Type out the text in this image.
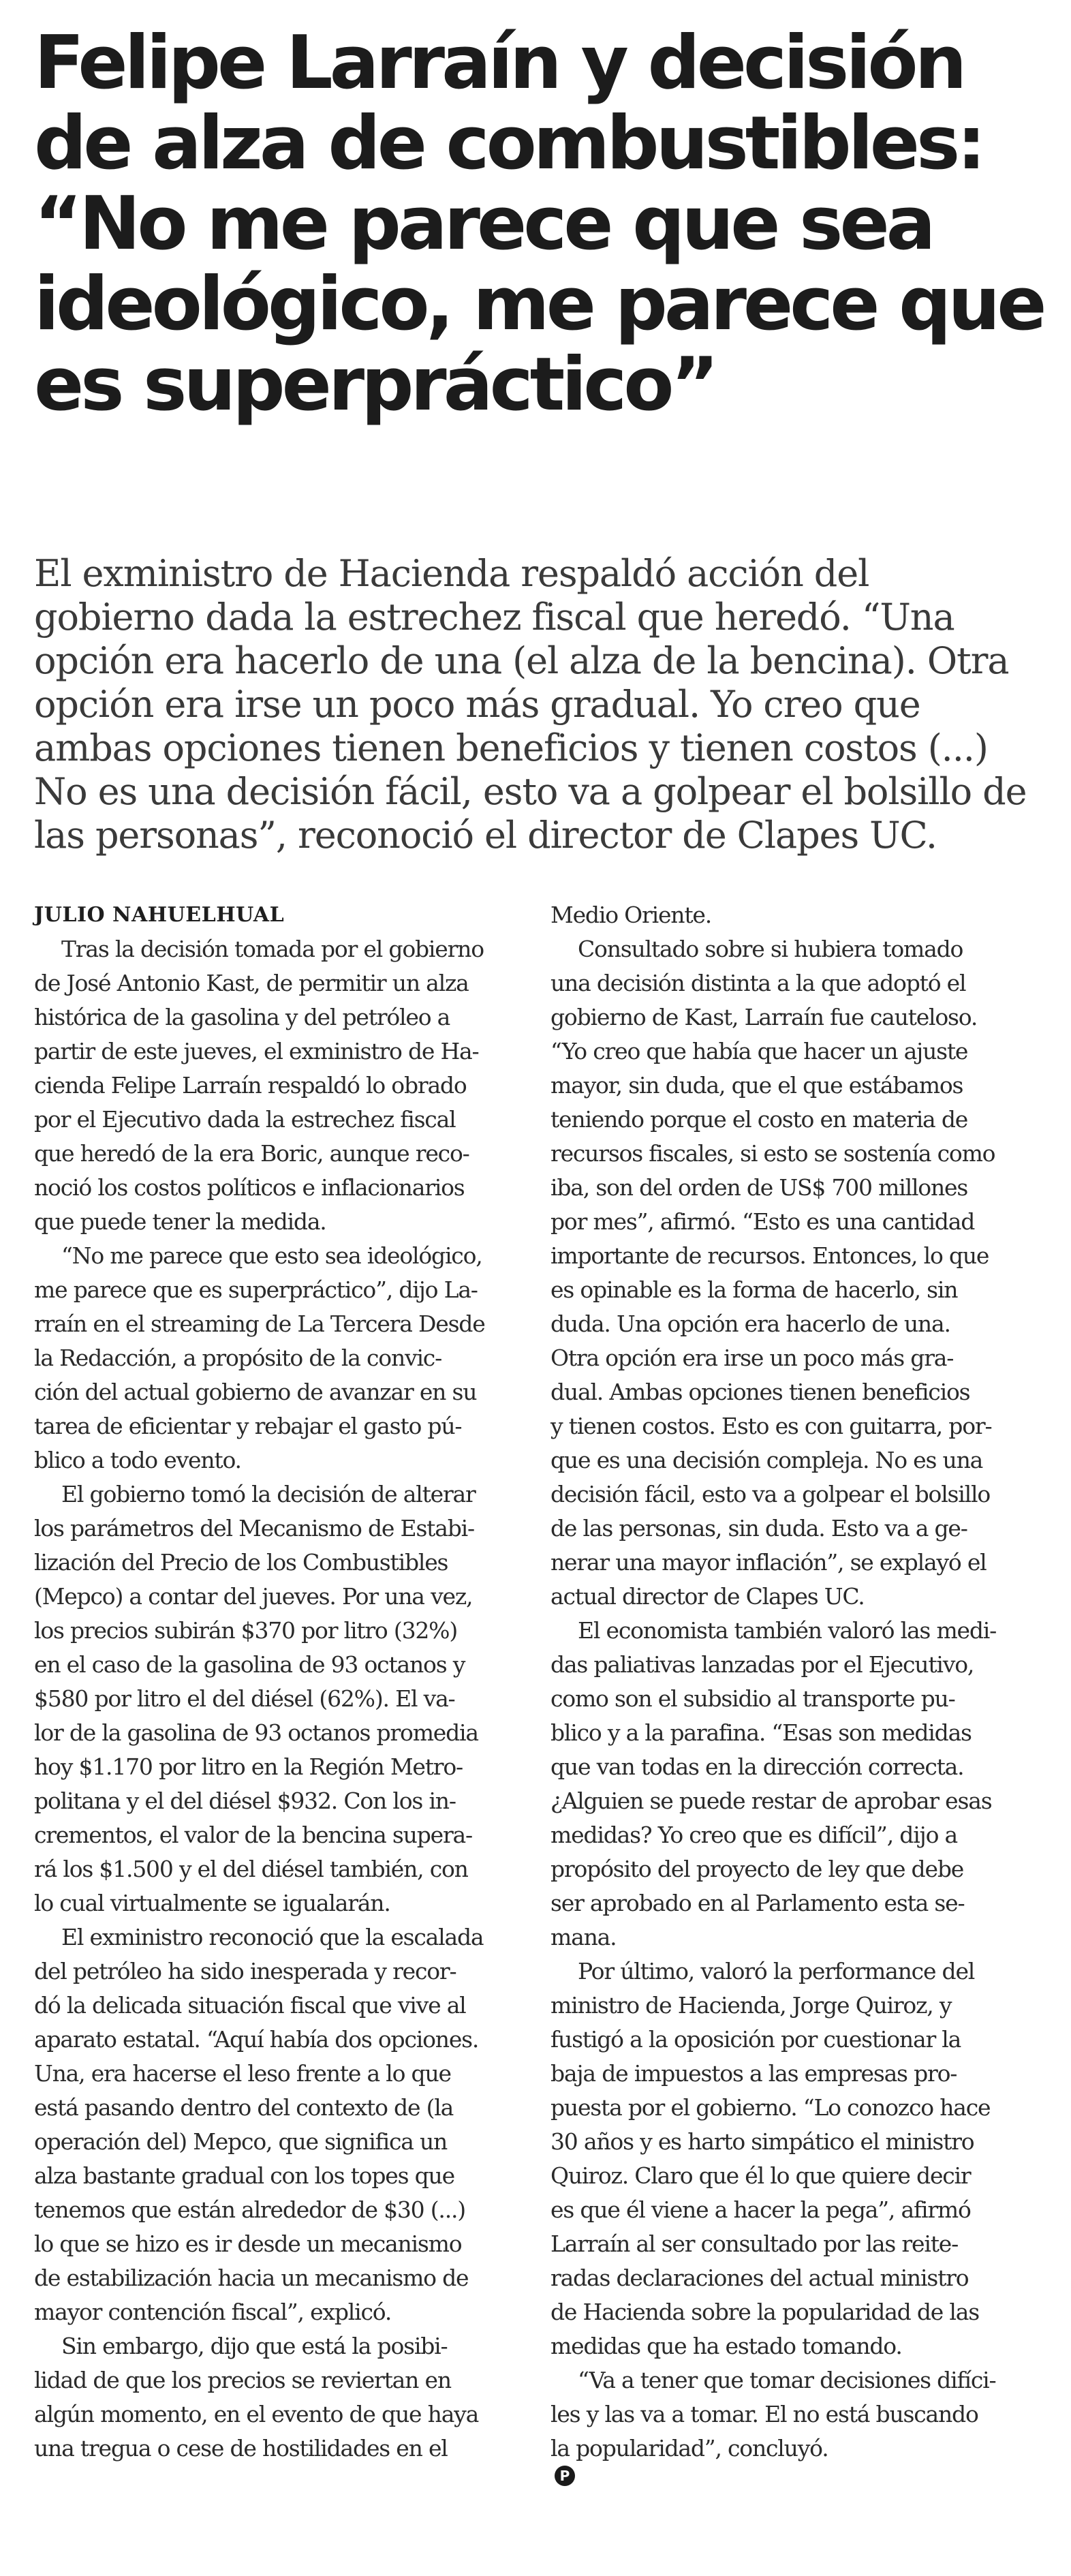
Felipe Larraín y decisión
de alza de combustibles:
“No me parece que sea
ideológico, me parece que
es superpráctico”

El exministro de Hacienda respaldó acción del
gobierno dada la estrechez fiscal que heredó. “Una
opción era hacerlo de una (el alza de la bencina). Otra
opción era irse un poco más gradual. Yo creo que
ambas opciones tienen beneficios y tienen costos (...)
No es una decisión fácil, esto va a golpear el bolsillo de
las personas”, reconoció el director de Clapes UC.

JULIO NAHUELHUAL
Tras la decisión tomada por el gobierno
de José Antonio Kast, de permitir un alza
histórica de la gasolina y del petróleo a
partir de este jueves, el exministro de Ha-
cienda Felipe Larraín respaldó lo obrado
por el Ejecutivo dada la estrechez fiscal
que heredó de la era Boric, aunque reco-
noció los costos políticos e inflacionarios
que puede tener la medida.
“No me parece que esto sea ideológico,
me parece que es superpráctico”, dijo La-
rraín en el streaming de La Tercera Desde
la Redacción, a propósito de la convic-
ción del actual gobierno de avanzar en su
tarea de eficientar y rebajar el gasto pú-
blico a todo evento.
El gobierno tomó la decisión de alterar
los parámetros del Mecanismo de Estabi-
lización del Precio de los Combustibles
(Mepco) a contar del jueves. Por una vez,
los precios subirán $370 por litro (32%)
en el caso de la gasolina de 93 octanos y
$580 por litro el del diésel (62%). El va-
lor de la gasolina de 93 octanos promedia
hoy $1.170 por litro en la Región Metro-
politana y el del diésel $932. Con los in-
crementos, el valor de la bencina supera-
rá los $1.500 y el del diésel también, con
lo cual virtualmente se igualarán.
El exministro reconoció que la escalada
del petróleo ha sido inesperada y recor-
dó la delicada situación fiscal que vive al
aparato estatal. “Aquí había dos opciones.
Una, era hacerse el leso frente a lo que
está pasando dentro del contexto de (la
operación del) Mepco, que significa un
alza bastante gradual con los topes que
tenemos que están alrededor de $30 (...)
lo que se hizo es ir desde un mecanismo
de estabilización hacia un mecanismo de
mayor contención fiscal”, explicó.
Sin embargo, dijo que está la posibi-
lidad de que los precios se reviertan en
algún momento, en el evento de que haya
una tregua o cese de hostilidades en el
Medio Oriente.
Consultado sobre si hubiera tomado
una decisión distinta a la que adoptó el
gobierno de Kast, Larraín fue cauteloso.
“Yo creo que había que hacer un ajuste
mayor, sin duda, que el que estábamos
teniendo porque el costo en materia de
recursos fiscales, si esto se sostenía como
iba, son del orden de US$ 700 millones
por mes”, afirmó. “Esto es una cantidad
importante de recursos. Entonces, lo que
es opinable es la forma de hacerlo, sin
duda. Una opción era hacerlo de una.
Otra opción era irse un poco más gra-
dual. Ambas opciones tienen beneficios
y tienen costos. Esto es con guitarra, por-
que es una decisión compleja. No es una
decisión fácil, esto va a golpear el bolsillo
de las personas, sin duda. Esto va a ge-
nerar una mayor inflación”, se explayó el
actual director de Clapes UC.
El economista también valoró las medi-
das paliativas lanzadas por el Ejecutivo,
como son el subsidio al transporte pu-
blico y a la parafina. “Esas son medidas
que van todas en la dirección correcta.
¿Alguien se puede restar de aprobar esas
medidas? Yo creo que es difícil”, dijo a
propósito del proyecto de ley que debe
ser aprobado en al Parlamento esta se-
mana.
Por último, valoró la performance del
ministro de Hacienda, Jorge Quiroz, y
fustigó a la oposición por cuestionar la
baja de impuestos a las empresas pro-
puesta por el gobierno. “Lo conozco hace
30 años y es harto simpático el ministro
Quiroz. Claro que él lo que quiere decir
es que él viene a hacer la pega”, afirmó
Larraín al ser consultado por las reite-
radas declaraciones del actual ministro
de Hacienda sobre la popularidad de las
medidas que ha estado tomando.
“Va a tener que tomar decisiones difíci-
les y las va a tomar. El no está buscando
la popularidad”, concluyó.
P
